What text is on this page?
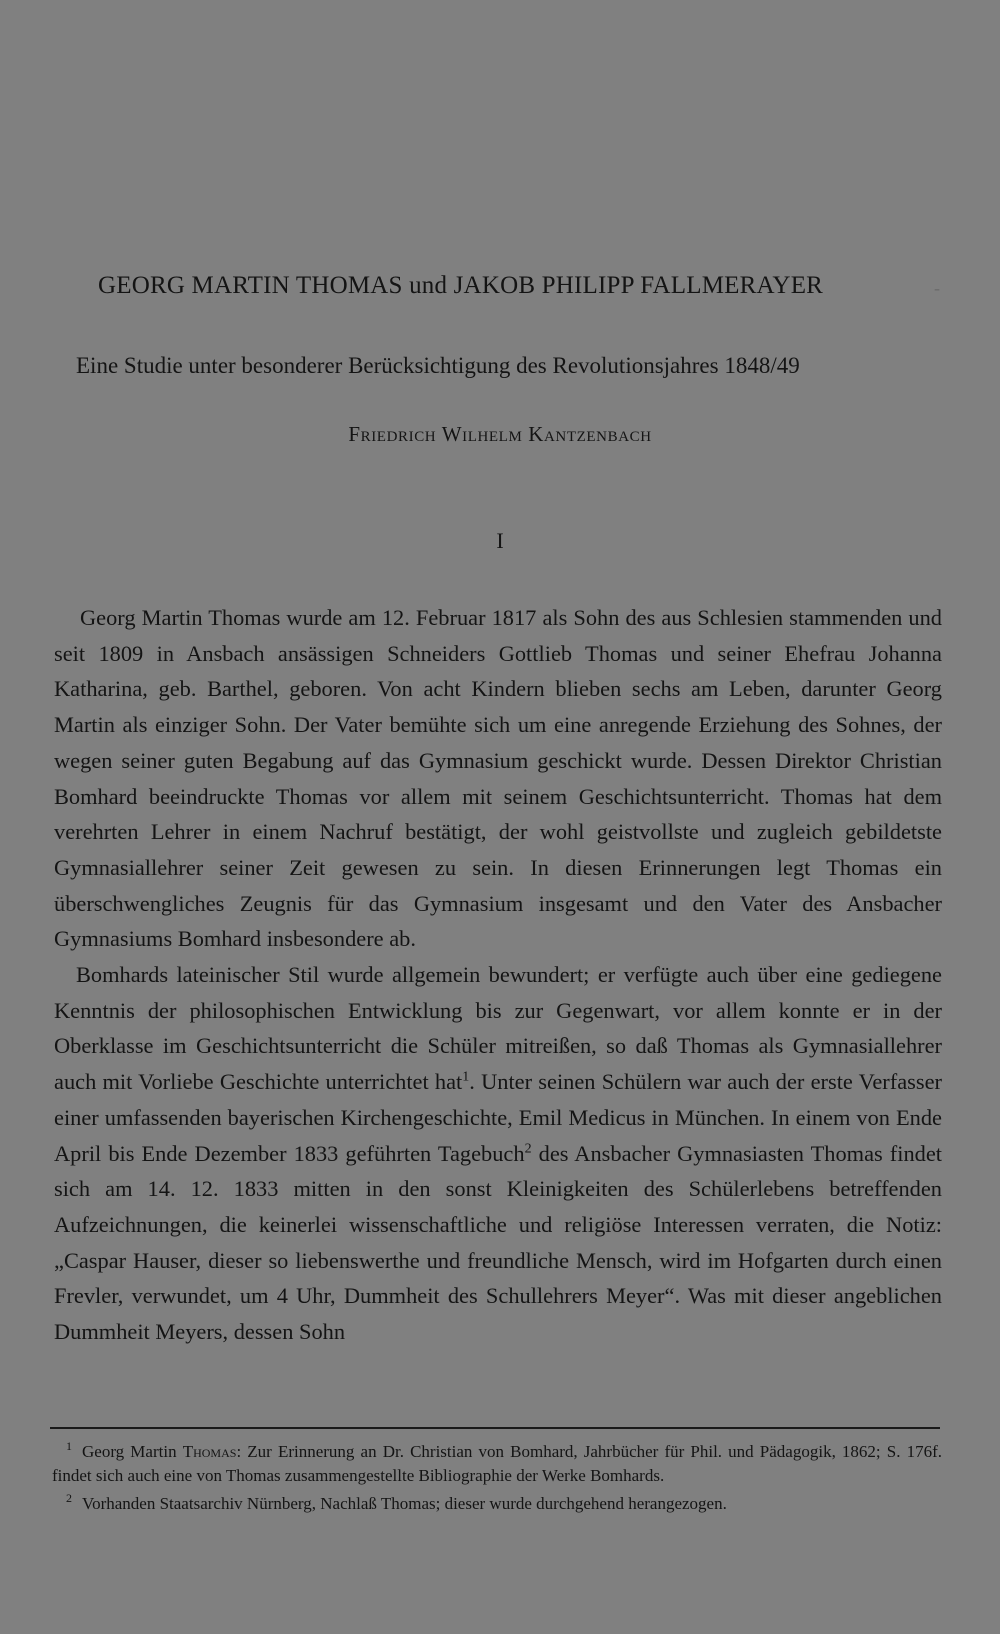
GEORG MARTIN THOMAS und JAKOB PHILIPP FALLMERAYER	-
Eine Studie unter besonderer Berücksichtigung des Revolutionsjahres 1848/49
Friedrich Wilhelm Kantzenbach
I

Georg Martin Thomas wurde am 12. Februar 1817 als Sohn des aus Schlesien stammenden und seit 1809 in Ansbach ansässigen Schneiders Gottlieb Thomas und seiner Ehefrau Johanna Katharina, geb. Barthel, geboren. Von acht Kindern blieben sechs am Leben, darunter Georg Martin als einziger Sohn. Der Vater bemühte sich um eine anregende Erziehung des Sohnes, der wegen seiner guten Begabung auf das Gymnasium geschickt wurde. Dessen Direktor Christian Bomhard beeindruckte Thomas vor allem mit seinem Geschichtsunterricht. Thomas hat dem verehrten Lehrer in einem Nachruf bestätigt, der wohl geistvollste und zugleich gebildetste Gymnasiallehrer seiner Zeit gewesen zu sein. In diesen Erinnerungen legt Thomas ein überschwengliches Zeugnis für das Gymnasium insgesamt und den Vater des Ansbacher Gymnasiums Bomhard insbesondere ab.

Bomhards lateinischer Stil wurde allgemein bewundert; er verfügte auch über eine gediegene Kenntnis der philosophischen Entwicklung bis zur Gegenwart, vor allem konnte er in der Oberklasse im Geschichtsunterricht die Schüler mitreißen, so daß Thomas als Gymnasiallehrer auch mit Vorliebe Geschichte unterrichtet hat$^1$. Unter seinen Schülern war auch der erste Verfasser einer umfassenden bayerischen Kirchengeschichte, Emil Medicus in München. In einem von Ende April bis Ende Dezember 1833 geführten Tagebuch$^2$ des Ansbacher Gymnasiasten Thomas findet sich am 14. 12. 1833 mitten in den sonst Kleinigkeiten des Schülerlebens betreffenden Aufzeichnungen, die keinerlei wissenschaftliche und religiöse Interessen verraten, die Notiz: „Caspar Hauser, dieser so liebenswerthe und freundliche Mensch, wird im Hofgarten durch einen Frevler, verwundet, um 4 Uhr, Dummheit des Schullehrers Meyer“. Was mit dieser angeblichen Dummheit Meyers, dessen Sohn

$^1$ Georg Martin Thomas: Zur Erinnerung an Dr. Christian von Bomhard, Jahrbücher für Phil. und Pädagogik, 1862; S. 176f. findet sich auch eine von Thomas zusammengestellte Bibliographie der Werke Bomhards.

$^2$ Vorhanden Staatsarchiv Nürnberg, Nachlaß Thomas; dieser wurde durchgehend herangezogen.
